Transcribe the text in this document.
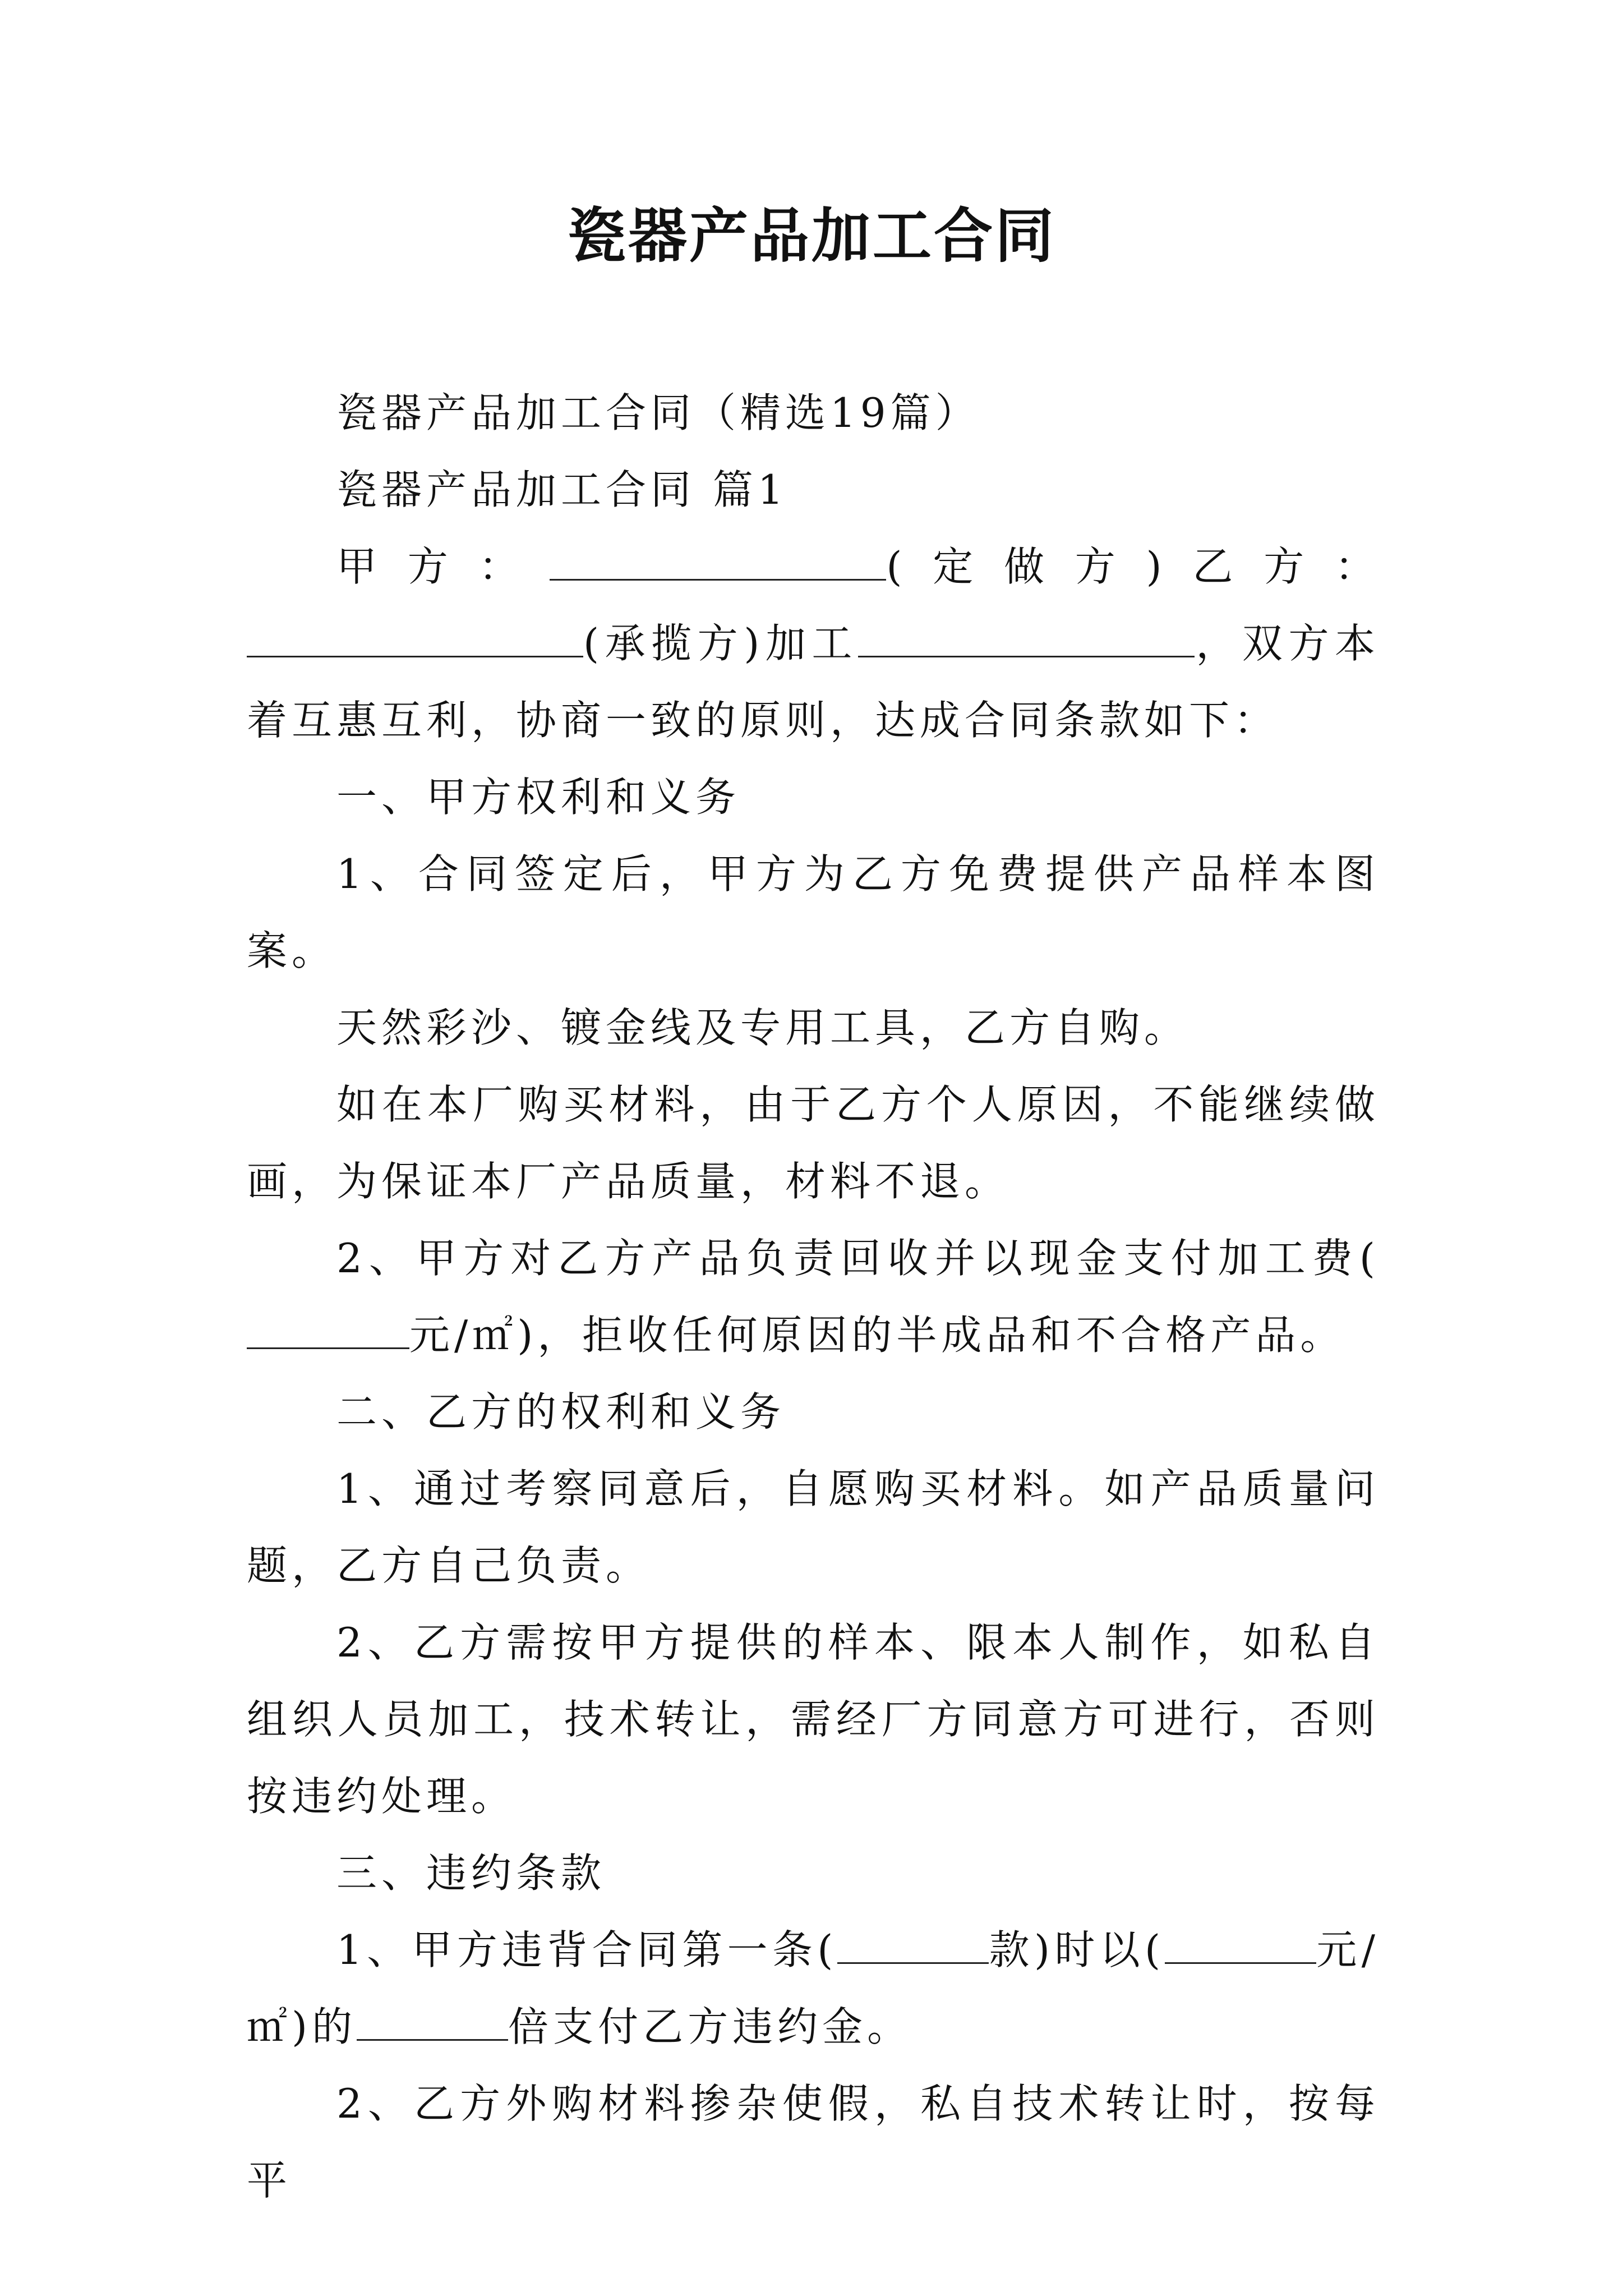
瓷器产品加工合同

瓷器产品加工合同（精选19篇）

瓷器产品加工合同 篇1

甲方：	(定做方)乙方：(承揽方)加工	，双方本着互惠互利，协商一致的原则，达成合同条款如下：

一、甲方权利和义务

1、合同签定后，甲方为乙方免费提供产品样本图案。

天然彩沙、镀金线及专用工具，乙方自购。

如在本厂购买材料，由于乙方个人原因，不能继续做画，为保证本厂产品质量，材料不退。

2、甲方对乙方产品负责回收并以现金支付加工费(元/㎡)，拒收任何原因的半成品和不合格产品。

二、乙方的权利和义务

1、通过考察同意后，自愿购买材料。如产品质量问题，乙方自己负责。

2、乙方需按甲方提供的样本、限本人制作，如私自组织人员加工，技术转让，需经厂方同意方可进行，否则按违约处理。

三、违约条款

1、甲方违背合同第一条(	款)时以(	元/㎡)的	倍支付乙方违约金。

2、乙方外购材料掺杂使假，私自技术转让时，按每平
